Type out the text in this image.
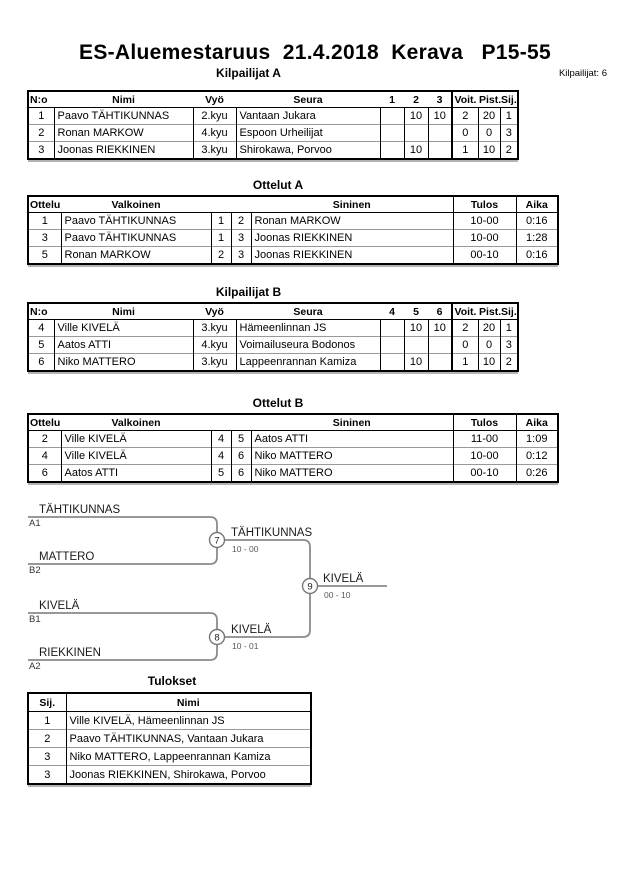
ES-Aluemestaruus  21.4.2018  Kerava   P15-55
Kilpailijat A	Kilpailijat: 6
N:o	Nimi	Vyö	Seura	1	2	3	Voit.	Pist.	Sij.
1	Paavo TÄHTIKUNNAS	2.kyu	Vantaan Jukara		10	10	2	20	1
2	Ronan MARKOW	4.kyu	Espoon Urheilijat				0	0	3
3	Joonas RIEKKINEN	3.kyu	Shirokawa, Porvoo		10		1	10	2
Ottelut A
Ottelu	Valkoinen			Sininen	Tulos	Aika
1	Paavo TÄHTIKUNNAS	1	2	Ronan MARKOW	10-00	0:16
3	Paavo TÄHTIKUNNAS	1	3	Joonas RIEKKINEN	10-00	1:28
5	Ronan MARKOW	2	3	Joonas RIEKKINEN	00-10	0:16
Kilpailijat B
N:o	Nimi	Vyö	Seura	4	5	6	Voit.	Pist.	Sij.
4	Ville KIVELÄ	3.kyu	Hämeenlinnan JS		10	10	2	20	1
5	Aatos ATTI	4.kyu	Voimailuseura Bodonos				0	0	3
6	Niko MATTERO	3.kyu	Lappeenrannan Kamiza		10		1	10	2
Ottelut B
Ottelu	Valkoinen			Sininen	Tulos	Aika
2	Ville KIVELÄ	4	5	Aatos ATTI	11-00	1:09
4	Ville KIVELÄ	4	6	Niko MATTERO	10-00	0:12
6	Aatos ATTI	5	6	Niko MATTERO	00-10	0:26
7
8
9
TÄHTIKUNNAS
A1
MATTERO
B2
KIVELÄ
B1
RIEKKINEN
A2
TÄHTIKUNNAS
10 - 00
KIVELÄ
10 - 01
KIVELÄ
00 - 10
Tulokset
Sij.	Nimi
1	Ville KIVELÄ, Hämeenlinnan JS
2	Paavo TÄHTIKUNNAS, Vantaan Jukara
3	Niko MATTERO, Lappeenrannan Kamiza
3	Joonas RIEKKINEN, Shirokawa, Porvoo
